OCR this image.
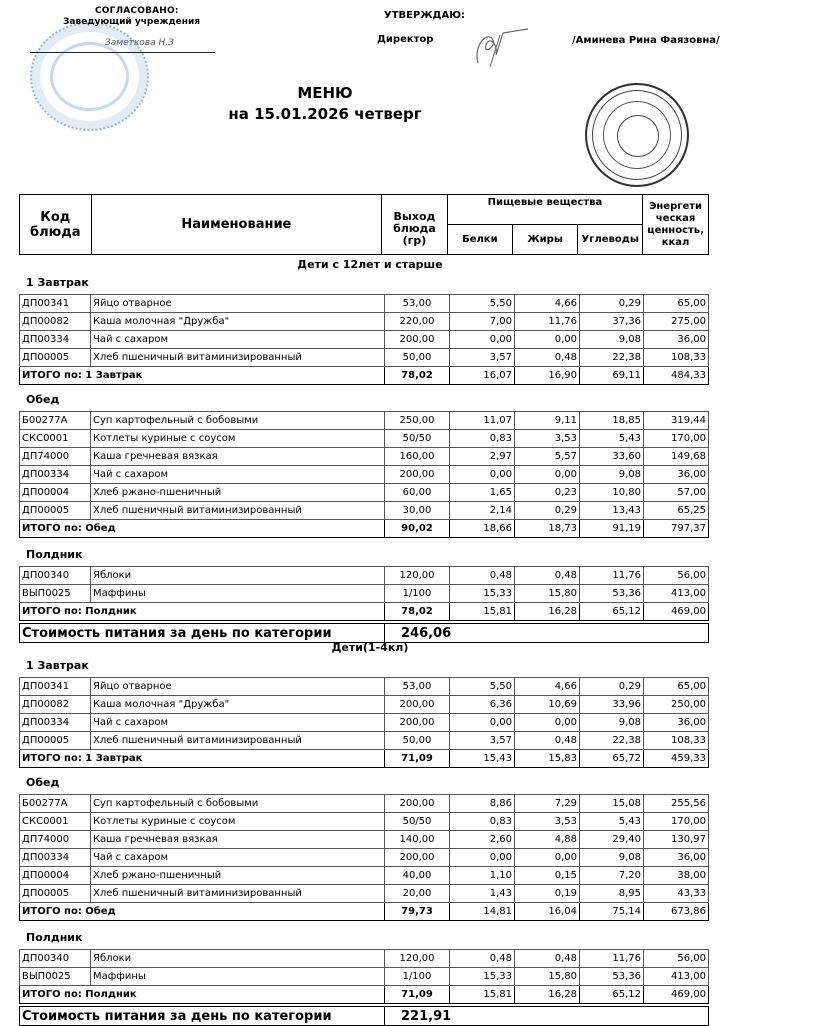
СОГЛАСОВАНО:
Заведующий учреждения
Заметкова Н.З
УТВЕРЖДАЮ:
Директор	/Аминева Рина Фаязовна/
МЕНЮ
на 15.01.2026 четверг
Код блюда	Наименование	Выход блюда (гр)	Пищевые вещества			Энергети ческая ценность, ккал
			Белки	Жиры	Углеводы
Дети с 12лет и старше
1 Завтрак
ДП00341	Яйцо отварное	53,00	5,50	4,66	0,29	65,00
ДП00082	Каша молочная "Дружба"	220,00	7,00	11,76	37,36	275,00
ДП00334	Чай с сахаром	200,00	0,00	0,00	9,08	36,00
ДП00005	Хлеб пшеничный витаминизированный	50,00	3,57	0,48	22,38	108,33
ИТОГО по: 1 Завтрак		78,02	16,07	16,90	69,11	484,33
Обед
Б00277А	Суп картофельный с бобовыми	250,00	11,07	9,11	18,85	319,44
СКС0001	Котлеты куриные с соусом	50/50	0,83	3,53	5,43	170,00
ДП74000	Каша гречневая вязкая	160,00	2,97	5,57	33,60	149,68
ДП00334	Чай с сахаром	200,00	0,00	0,00	9,08	36,00
ДП00004	Хлеб ржано-пшеничный	60,00	1,65	0,23	10,80	57,00
ДП00005	Хлеб пшеничный витаминизированный	30,00	2,14	0,29	13,43	65,25
ИТОГО по: Обед		90,02	18,66	18,73	91,19	797,37
Полдник
ДП00340	Яблоки	120,00	0,48	0,48	11,76	56,00
ВЫП0025	Маффины	1/100	15,33	15,80	53,36	413,00
ИТОГО по: Полдник		78,02	15,81	16,28	65,12	469,00
Стоимость питания за день по категории	246,06
Дети(1-4кл)
1 Завтрак
ДП00341	Яйцо отварное	53,00	5,50	4,66	0,29	65,00
ДП00082	Каша молочная "Дружба"	200,00	6,36	10,69	33,96	250,00
ДП00334	Чай с сахаром	200,00	0,00	0,00	9,08	36,00
ДП00005	Хлеб пшеничный витаминизированный	50,00	3,57	0,48	22,38	108,33
ИТОГО по: 1 Завтрак		71,09	15,43	15,83	65,72	459,33
Обед
Б00277А	Суп картофельный с бобовыми	200,00	8,86	7,29	15,08	255,56
СКС0001	Котлеты куриные с соусом	50/50	0,83	3,53	5,43	170,00
ДП74000	Каша гречневая вязкая	140,00	2,60	4,88	29,40	130,97
ДП00334	Чай с сахаром	200,00	0,00	0,00	9,08	36,00
ДП00004	Хлеб ржано-пшеничный	40,00	1,10	0,15	7,20	38,00
ДП00005	Хлеб пшеничный витаминизированный	20,00	1,43	0,19	8,95	43,33
ИТОГО по: Обед		79,73	14,81	16,04	75,14	673,86
Полдник
ДП00340	Яблоки	120,00	0,48	0,48	11,76	56,00
ВЫП0025	Маффины	1/100	15,33	15,80	53,36	413,00
ИТОГО по: Полдник		71,09	15,81	16,28	65,12	469,00
Стоимость питания за день по категории	221,91
